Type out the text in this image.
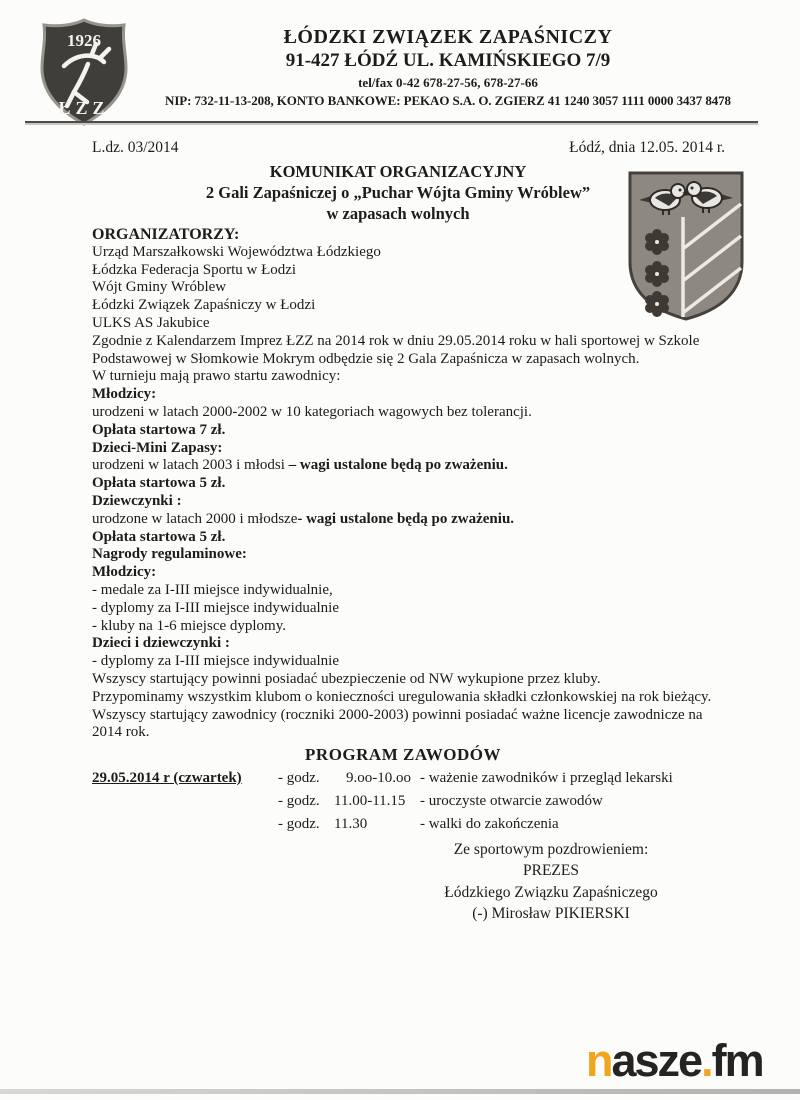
1926
ŁZZ
ŁÓDZKI ZWIĄZEK ZAPAŚNICZY
91-427 ŁÓDŹ UL. KAMIŃSKIEGO 7/9
tel/fax 0-42 678-27-56, 678-27-66
NIP: 732-11-13-208, KONTO BANKOWE: PEKAO S.A. O. ZGIERZ 41 1240 3057 1111 0000 3437 8478
L.dz. 03/2014	Łódź, dnia 12.05. 2014 r.
KOMUNIKAT ORGANIZACYJNY
2 Gali Zapaśniczej o „Puchar Wójta Gminy Wróblew”
w zapasach wolnych
ORGANIZATORZY:
Urząd Marszałkowski Województwa Łódzkiego
Łódzka Federacja Sportu w Łodzi
Wójt Gminy Wróblew
Łódzki Związek Zapaśniczy w Łodzi
ULKS AS Jakubice
Zgodnie z Kalendarzem Imprez ŁZZ na 2014 rok w dniu 29.05.2014 roku w hali sportowej w Szkole Podstawowej w Słomkowie Mokrym odbędzie się 2 Gala Zapaśnicza w zapasach wolnych.
W turnieju mają prawo startu zawodnicy:
Młodzicy:
urodzeni w latach 2000-2002 w 10 kategoriach wagowych bez tolerancji.
Opłata startowa 7 zł.
Dzieci-Mini Zapasy:
urodzeni w latach 2003 i młodsi – wagi ustalone będą po zważeniu.
Opłata startowa 5 zł.
Dziewczynki :
urodzone w latach 2000 i młodsze- wagi ustalone będą po zważeniu.
Opłata startowa 5 zł.
Nagrody regulaminowe:
Młodzicy:
- medale za I-III miejsce indywidualnie,
- dyplomy za I-III miejsce indywidualnie
- kluby na 1-6 miejsce dyplomy.
Dzieci i dziewczynki :
- dyplomy za I-III miejsce indywidualnie
Wszyscy startujący powinni posiadać ubezpieczenie od NW wykupione przez kluby.
Przypominamy wszystkim klubom o konieczności uregulowania składki członkowskiej na rok bieżący.
Wszyscy startujący zawodnicy (roczniki 2000-2003) powinni posiadać ważne licencje zawodnicze na 2014 rok.
PROGRAM ZAWODÓW
29.05.2014 r (czwartek)	- godz.	9.oo-10.oo - ważenie zawodników i przegląd lekarski
- godz. 11.00-11.15 - uroczyste otwarcie zawodów
- godz. 11.30	- walki do zakończenia
Ze sportowym pozdrowieniem:
PREZES
Łódzkiego Związku Zapaśniczego
(-) Mirosław PIKIERSKI
nasze.fm
